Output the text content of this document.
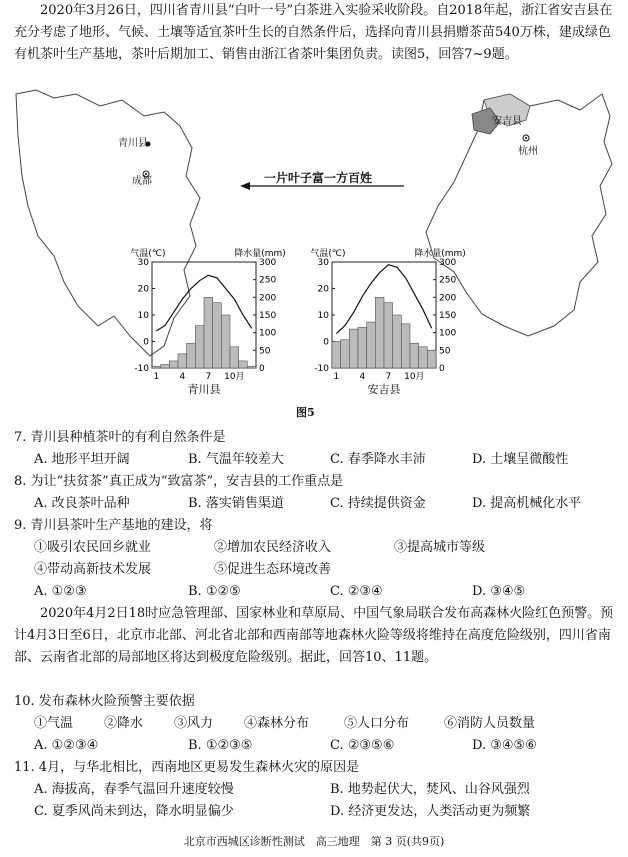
2020年3月26日，四川省青川县“白叶一号”白茶进入实验采收阶段。自2018年起，浙江省安吉县在充分考虑了地形、气候、土壤等适宜茶叶生长的自然条件后，选择向青川县捐赠茶苗540万株，建成绿色有机茶叶生产基地，茶叶后期加工、销售由浙江省茶叶集团负责。读图5，回答7~9题。

30
20
10
0
-10
300
250
200
150
100
50
0
1 4 7 10月
气温(℃)	降水量(mm)
青川县
30
20
10
0
-10
300
250
200
150
100
50
0
1 4 7 10月
气温(℃)	降水量(mm)
安吉县
青川县
成都
安吉县
杭州
一片叶子富一方百姓
图5
7. 青川县种植茶叶的有利自然条件是
A. 地形平坦开阔	B. 气温年较差大	C. 春季降水丰沛	D. 土壤呈微酸性
8. 为让“扶贫茶”真正成为“致富茶”，安吉县的工作重点是
A. 改良茶叶品种	B. 落实销售渠道	C. 持续提供资金	D. 提高机械化水平
9. 青川县茶叶生产基地的建设，将
①吸引农民回乡就业	②增加农民经济收入	③提高城市等级
④带动高新技术发展	⑤促进生态环境改善
A. ①②③	B. ①②⑤	C. ②③④	D. ③④⑤

2020年4月2日18时应急管理部、国家林业和草原局、中国气象局联合发布高森林火险红色预警。预计4月3日至6日，北京市北部、河北省北部和西南部等地森林火险等级将维持在高度危险级别，四川省南部、云南省北部的局部地区将达到极度危险级别。据此，回答10、11题。

10. 发布森林火险预警主要依据
①气温 ②降水 ③风力 ④森林分布	⑤人口分布	⑥消防人员数量
A. ①②③④	B. ①②③⑤	C. ②③⑤⑥	D. ③④⑤⑥
11. 4月，与华北相比，西南地区更易发生森林火灾的原因是
A. 海拔高，春季气温回升速度较慢	B. 地势起伏大，焚风、山谷风强烈
C. 夏季风尚未到达，降水明显偏少	D. 经济更发达，人类活动更为频繁
北京市西城区诊断性测试　高三地理　第 3 页(共9页)
